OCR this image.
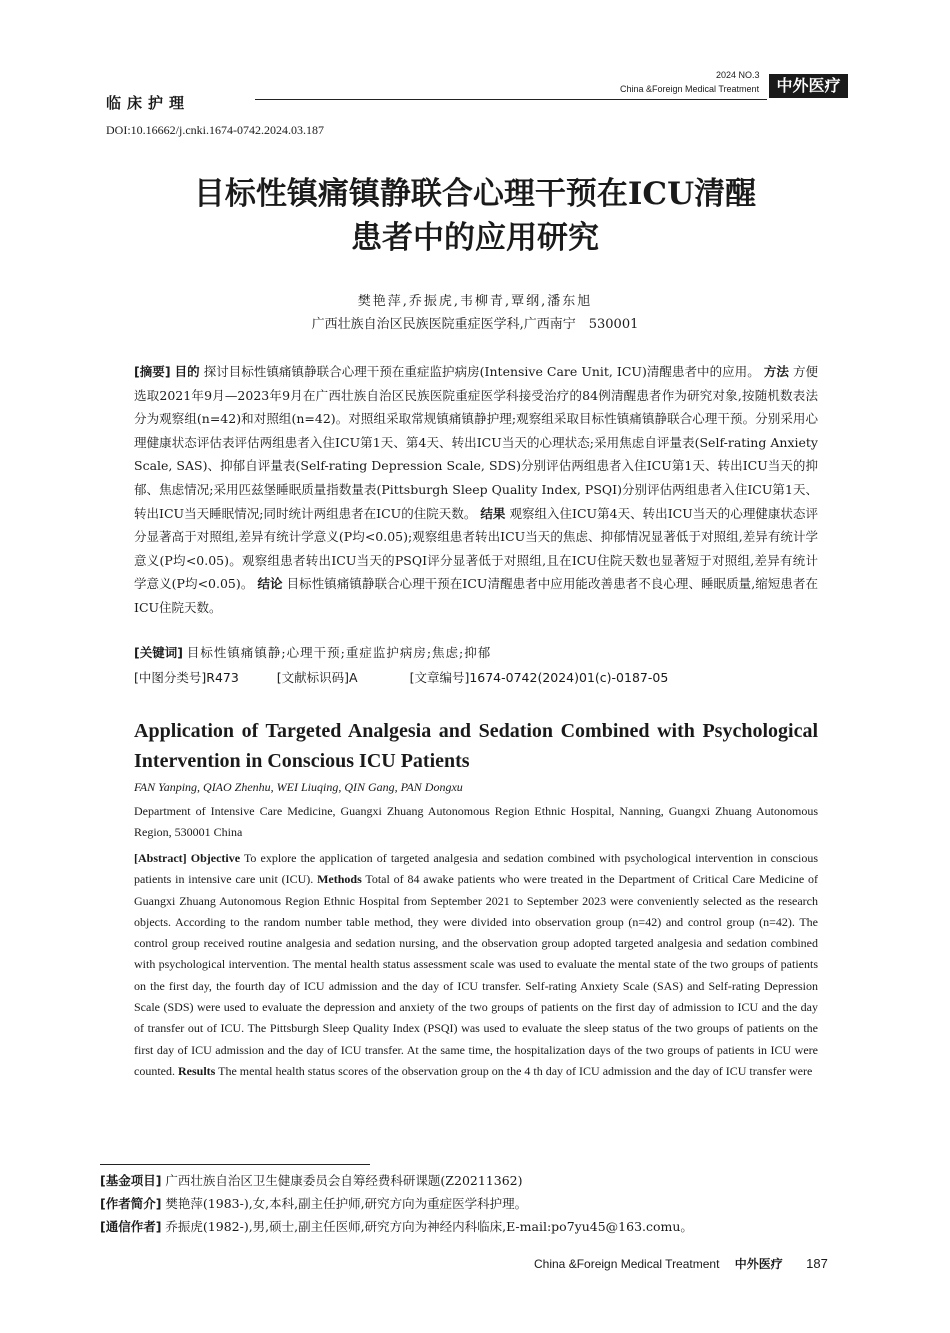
临床护理
2024 NO.3
China &Foreign Medical Treatment	中外医疗
DOI:10.16662/j.cnki.1674-0742.2024.03.187
目标性镇痛镇静联合心理干预在ICU清醒
患者中的应用研究
樊艳萍,乔振虎,韦柳青,覃纲,潘东旭
广西壮族自治区民族医院重症医学科,广西南宁　530001
[摘要] 目的 探讨目标性镇痛镇静联合心理干预在重症监护病房(Intensive Care Unit, ICU)清醒患者中的应用。 方法 方便选取2021年9月—2023年9月在广西壮族自治区民族医院重症医学科接受治疗的84例清醒患者作为研究对象,按随机数表法分为观察组(n=42)和对照组(n=42)。对照组采取常规镇痛镇静护理;观察组采取目标性镇痛镇静联合心理干预。分别采用心理健康状态评估表评估两组患者入住ICU第1天、第4天、转出ICU当天的心理状态;采用焦虑自评量表(Self-rating Anxiety Scale, SAS)、抑郁自评量表(Self-rating Depression Scale, SDS)分别评估两组患者入住ICU第1天、转出ICU当天的抑郁、焦虑情况;采用匹兹堡睡眠质量指数量表(Pittsburgh Sleep Quality Index, PSQI)分别评估两组患者入住ICU第1天、转出ICU当天睡眠情况;同时统计两组患者在ICU的住院天数。 结果 观察组入住ICU第4天、转出ICU当天的心理健康状态评分显著高于对照组,差异有统计学意义(P均<0.05);观察组患者转出ICU当天的焦虑、抑郁情况显著低于对照组,差异有统计学意义(P均<0.05)。观察组患者转出ICU当天的PSQI评分显著低于对照组,且在ICU住院天数也显著短于对照组,差异有统计学意义(P均<0.05)。 结论 目标性镇痛镇静联合心理干预在ICU清醒患者中应用能改善患者不良心理、睡眠质量,缩短患者在ICU住院天数。
[关键词] 目标性镇痛镇静;心理干预;重症监护病房;焦虑;抑郁
[中图分类号]R473	[文献标识码]A	[文章编号]1674-0742(2024)01(c)-0187-05
Application of Targeted Analgesia and Sedation Combined with Psychological Intervention in Conscious ICU Patients
FAN Yanping, QIAO Zhenhu, WEI Liuqing, QIN Gang, PAN Dongxu
Department of Intensive Care Medicine, Guangxi Zhuang Autonomous Region Ethnic Hospital, Nanning, Guangxi Zhuang Autonomous Region, 530001 China
[Abstract] Objective To explore the application of targeted analgesia and sedation combined with psychological intervention in conscious patients in intensive care unit (ICU). Methods Total of 84 awake patients who were treated in the Department of Critical Care Medicine of Guangxi Zhuang Autonomous Region Ethnic Hospital from September 2021 to September 2023 were conveniently selected as the research objects. According to the random number table method, they were divided into observation group (n=42) and control group (n=42). The control group received routine analgesia and sedation nursing, and the observation group adopted targeted analgesia and sedation combined with psychological intervention. The mental health status assessment scale was used to evaluate the mental state of the two groups of patients on the first day, the fourth day of ICU admission and the day of ICU transfer. Self-rating Anxiety Scale (SAS) and Self-rating Depression Scale (SDS) were used to evaluate the depression and anxiety of the two groups of patients on the first day of admission to ICU and the day of transfer out of ICU. The Pittsburgh Sleep Quality Index (PSQI) was used to evaluate the sleep status of the two groups of patients on the first day of ICU admission and the day of ICU transfer. At the same time, the hospitalization days of the two groups of patients in ICU were counted. Results The mental health status scores of the observation group on the 4 th day of ICU admission and the day of ICU transfer were
[基金项目] 广西壮族自治区卫生健康委员会自筹经费科研课题(Z20211362)
[作者简介] 樊艳萍(1983-),女,本科,副主任护师,研究方向为重症医学科护理。
[通信作者] 乔振虎(1982-),男,硕士,副主任医师,研究方向为神经内科临床,E-mail:po7yu45@163.comu。
China &Foreign Medical Treatment 中外医疗 187
